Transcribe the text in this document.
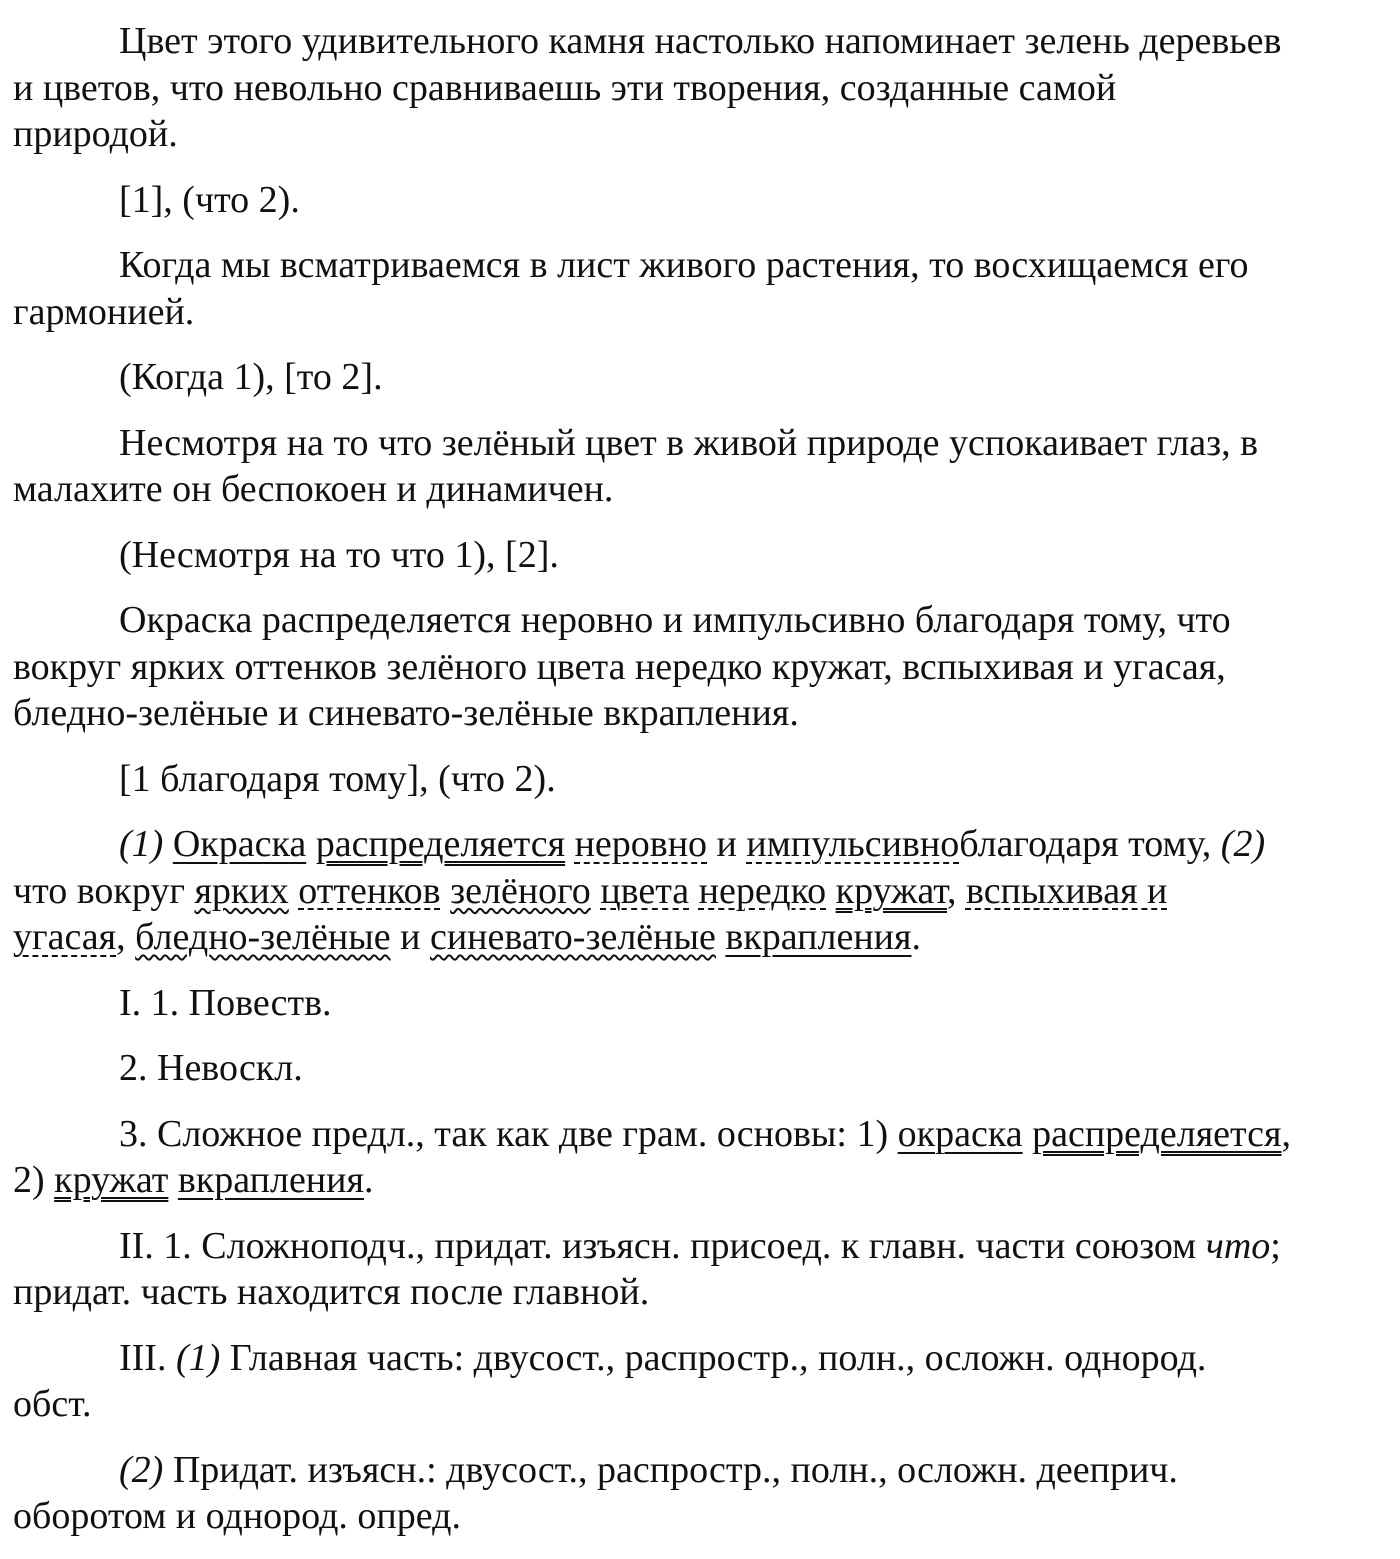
Цвет этого удивительного камня настолько напоминает зелень деревьев
и цветов, что невольно сравниваешь эти творения, созданные самой
природой.

[1], (что 2).

Когда мы всматриваемся в лист живого растения, то восхищаемся его
гармонией.

(Когда 1), [то 2].

Несмотря на то что зелёный цвет в живой природе успокаивает глаз, в
малахите он беспокоен и динамичен.

(Несмотря на то что 1), [2].

Окраска распределяется неровно и импульсивно благодаря тому, что
вокруг ярких оттенков зелёного цвета нередко кружат, вспыхивая и угасая,
бледно-зелёные и синевато-зелёные вкрапления.

[1 благодаря тому], (что 2).

(1) Окраска распределяется неровно и импульсивноблагодаря тому, (2)
что вокруг ярких оттенков зелёного цвета нередко кружат, вспыхивая и
угасая, бледно-зелёные и синевато-зелёные вкрапления.

I. 1. Повеств.

2. Невоскл.

3. Сложное предл., так как две грам. основы: 1) окраска распределяется,
2) кружат вкрапления.

II. 1. Сложноподч., придат. изъясн. присоед. к главн. части союзом что;
придат. часть находится после главной.

III. (1) Главная часть: двусост., распростр., полн., осложн. однород.
обст.

(2) Придат. изъясн.: двусост., распростр., полн., осложн. дееприч.
оборотом и однород. опред.
